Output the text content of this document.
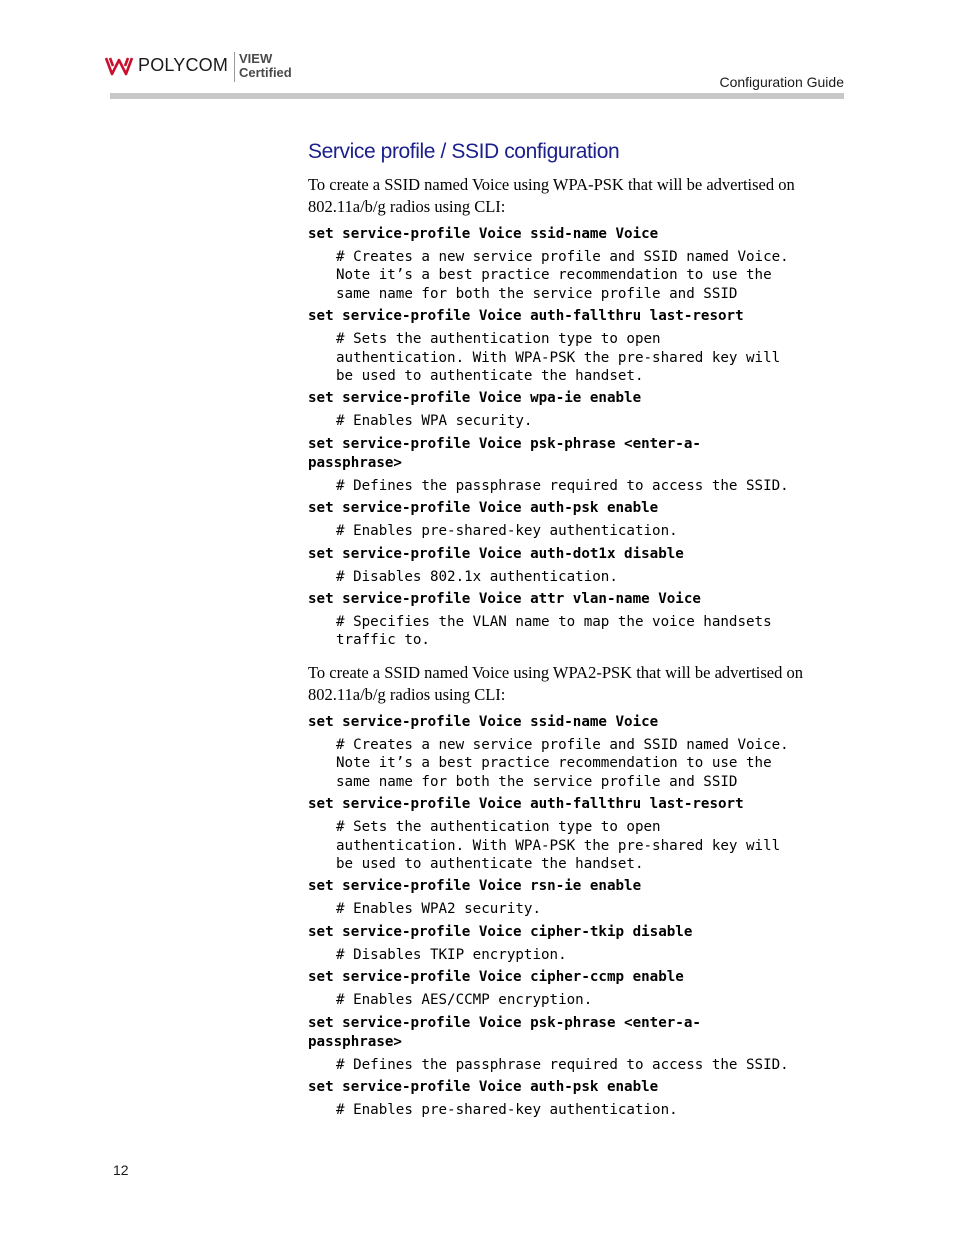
POLYCOM VIEW
Certified
Configuration Guide
Service profile / SSID configuration

To create a SSID named Voice using WPA-PSK that will be advertised on 802.11a/b/g radios using CLI:

set service-profile Voice ssid-name Voice
# Creates a new service profile and SSID named Voice.
Note it’s a best practice recommendation to use the
same name for both the service profile and SSID
set service-profile Voice auth-fallthru last-resort
# Sets the authentication type to open
authentication. With WPA-PSK the pre-shared key will
be used to authenticate the handset.
set service-profile Voice wpa-ie enable
# Enables WPA security.
set service-profile Voice psk-phrase <enter-a-
passphrase>
# Defines the passphrase required to access the SSID.
set service-profile Voice auth-psk enable
# Enables pre-shared-key authentication.
set service-profile Voice auth-dot1x disable
# Disables 802.1x authentication.
set service-profile Voice attr vlan-name Voice
# Specifies the VLAN name to map the voice handsets
traffic to.

To create a SSID named Voice using WPA2-PSK that will be advertised on 802.11a/b/g radios using CLI:

set service-profile Voice ssid-name Voice
# Creates a new service profile and SSID named Voice.
Note it’s a best practice recommendation to use the
same name for both the service profile and SSID
set service-profile Voice auth-fallthru last-resort
# Sets the authentication type to open
authentication. With WPA-PSK the pre-shared key will
be used to authenticate the handset.
set service-profile Voice rsn-ie enable
# Enables WPA2 security.
set service-profile Voice cipher-tkip disable
# Disables TKIP encryption.
set service-profile Voice cipher-ccmp enable
# Enables AES/CCMP encryption.
set service-profile Voice psk-phrase <enter-a-
passphrase>
# Defines the passphrase required to access the SSID.
set service-profile Voice auth-psk enable
# Enables pre-shared-key authentication.
12
